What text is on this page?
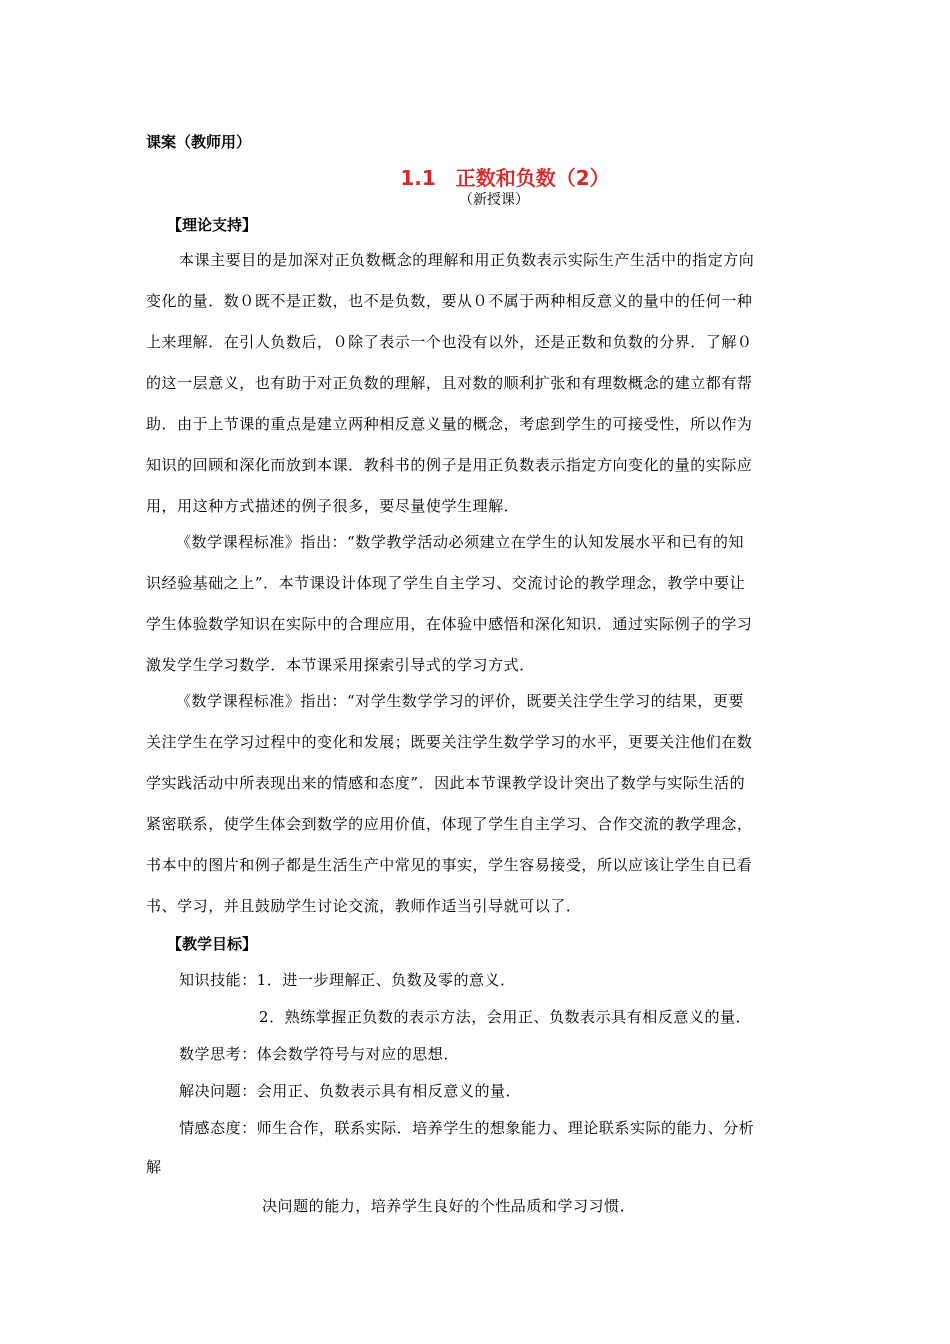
课案（教师用）
1.1　正数和负数（2）
（新授课）
【理论支持】
本课主要目的是加深对正负数概念的理解和用正负数表示实际生产生活中的指定方向
变化的量．数０既不是正数，也不是负数，要从０不属于两种相反意义的量中的任何一种
上来理解．在引人负数后，０除了表示一个也没有以外，还是正数和负数的分界．了解０
的这一层意义，也有助于对正负数的理解，且对数的顺利扩张和有理数概念的建立都有帮
助．由于上节课的重点是建立两种相反意义量的概念，考虑到学生的可接受性，所以作为
知识的回顾和深化而放到本课．教科书的例子是用正负数表示指定方向变化的量的实际应
用，用这种方式描述的例子很多，要尽量使学生理解．
《数学课程标准》指出：“数学教学活动必须建立在学生的认知发展水平和已有的知
识经验基础之上”．本节课设计体现了学生自主学习、交流讨论的教学理念，教学中要让
学生体验数学知识在实际中的合理应用，在体验中感悟和深化知识．通过实际例子的学习
激发学生学习数学．本节课采用探索引导式的学习方式．
《数学课程标准》指出：“对学生数学学习的评价，既要关注学生学习的结果，更要
关注学生在学习过程中的变化和发展；既要关注学生数学学习的水平，更要关注他们在数
学实践活动中所表现出来的情感和态度”．因此本节课教学设计突出了数学与实际生活的
紧密联系，使学生体会到数学的应用价值，体现了学生自主学习、合作交流的教学理念，
书本中的图片和例子都是生活生产中常见的事实，学生容易接受，所以应该让学生自已看
书、学习，并且鼓励学生讨论交流，教师作适当引导就可以了．
【教学目标】
知识技能：1．进一步理解正、负数及零的意义．
2．熟练掌握正负数的表示方法，会用正、负数表示具有相反意义的量．
数学思考：体会数学符号与对应的思想．
解决问题：会用正、负数表示具有相反意义的量．
情感态度：师生合作，联系实际．培养学生的想象能力、理论联系实际的能力、分析
解
决问题的能力，培养学生良好的个性品质和学习习惯．
